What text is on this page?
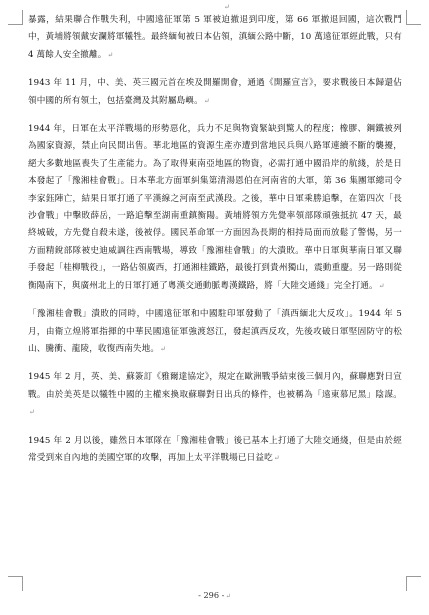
↵

暴露，結果聯合作戰失利，中國遠征軍第 5 軍被迫撤退到印度，第 66 軍撤退回國，這次戰鬥中，黃埔將領戴安瀾將軍犧牲。最終緬甸被日本佔領，滇緬公路中斷，10 萬遠征軍經此戰，只有 4 萬餘人安全撤離。↵

1943 年 11 月，中、美、英三國元首在埃及開羅開會，通過《開羅宣言》，要求戰後日本歸還佔領中國的所有領土，包括臺灣及其附屬島嶼。↵

1944 年，日軍在太平洋戰場的形勢惡化，兵力不足與物資緊缺到驚人的程度；橡膠、鋼鐵被列為國家資源，禁止向民間出售。華北地區的資源生產亦遭到當地民兵與八路軍連續不斷的襲擾，絕大多數地區喪失了生產能力。為了取得東南亞地區的物資，必需打通中國沿岸的航綫，於是日本發起了「豫湘桂會戰」。日本華北方面軍糾集第清湯恩伯在河南省的大軍，第 36 集團軍總司令李家鈺陣亡，結果日軍打通了平漢線之河南至武漢段。之後，華中日軍乘勝追擊，在第四次「長沙會戰」中擊敗薛岳，一路追擊至湖南重鎮衡陽。黃埔將領方先覺率領部隊頑強抵抗 47 天，最終城破，方先覺自殺未遂，後被俘。國民革命軍一方面因為長期的相持局面而放鬆了警惕，另一方面精銳部隊被史迪威調往西南戰場，導致「豫湘桂會戰」的大潰敗。華中日軍與華南日軍又聯手發起「桂柳戰役」，一路佔領廣西，打通湘桂鐵路，最後打到貴州獨山，震動重慶。另一路則從衡陽南下，與廣州北上的日軍打通了粵漢交通動脈粵漢鐵路，將「大陸交通綫」完全打通。↵

「豫湘桂會戰」潰敗的同時，中國遠征軍和中國駐印軍發動了「滇西緬北大反攻」。1944 年 5 月，由衛立煌將軍指揮的中華民國遠征軍強渡怒江，發起滇西反攻，先後攻破日軍堅固防守的松山、騰衝、龍陵，收復西南失地。↵

1945 年 2 月，英、美、蘇簽訂《雅爾達協定》，規定在歐洲戰爭結束後三個月內，蘇聯應對日宣戰。由於美英是以犧牲中國的主權來換取蘇聯對日出兵的條件，也被稱為「遠東慕尼黑」陰謀。↵

1945 年 2 月以後，雖然日本軍隊在「豫湘桂會戰」後已基本上打通了大陸交通綫，但是由於經常受到來自內地的美國空軍的攻擊，再加上太平洋戰場已日益吃↵

- 296 -↵
